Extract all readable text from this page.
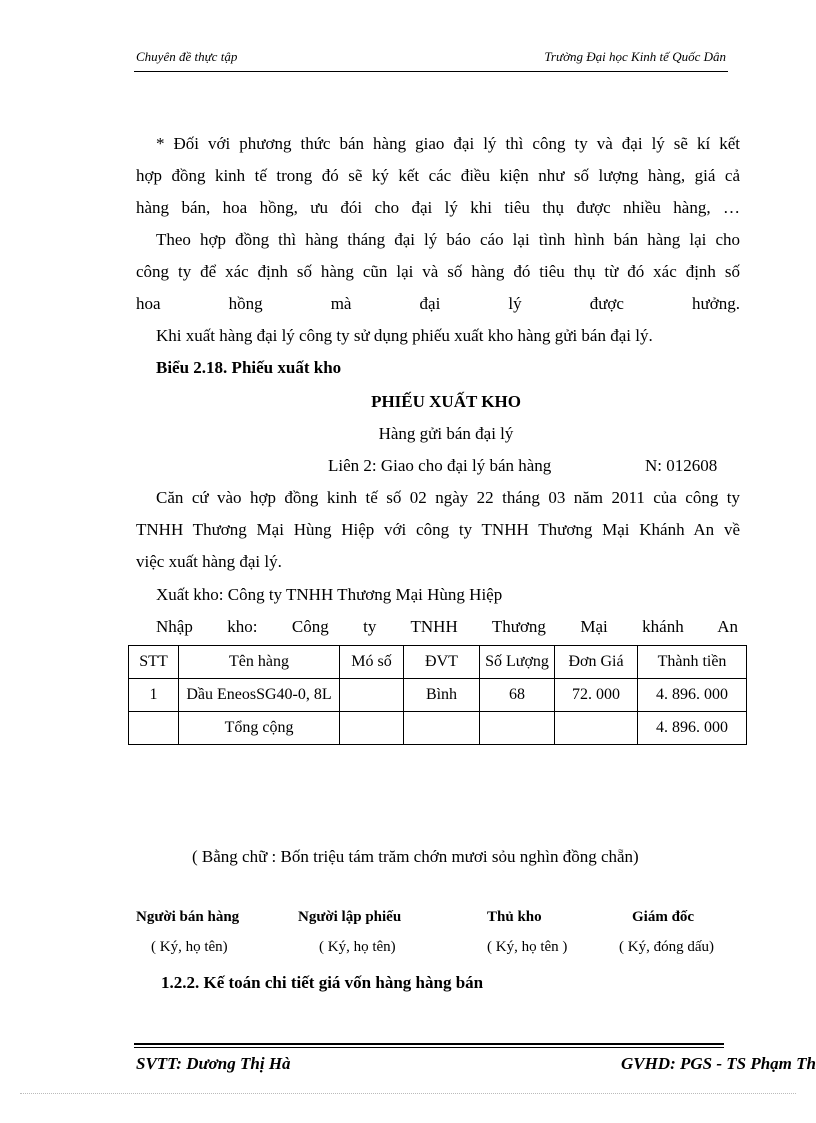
Chuyên đề thực tập	Trường Đại học Kinh tế Quốc Dân
* Đối với phương thức bán hàng giao đại lý thì công ty và đại lý sẽ kí kết
hợp đồng kinh tế trong đó sẽ ký kết các điều kiện như số lượng hàng, giá cả
hàng bán, hoa hồng, ưu đói cho đại lý khi tiêu thụ được nhiều hàng, …
Theo hợp đồng thì hàng tháng đại lý báo cáo lại tình hình bán hàng lại cho
công ty để xác định số hàng cũn lại và số hàng đó tiêu thụ từ đó xác định số
hoa hồng mà đại lý được hưởng.
Khi xuất hàng đại lý công ty sử dụng phiếu xuất kho hàng gửi bán đại lý.
Biểu 2.18. Phiếu xuất kho
PHIẾU XUẤT KHO
Hàng gửi bán đại lý
Liên 2: Giao cho đại lý bán hàng	N: 012608
Căn cứ vào hợp đồng kinh tế số 02 ngày 22 tháng 03 năm 2011 của công ty
TNHH Thương Mại Hùng Hiệp với công ty TNHH Thương Mại Khánh An về
việc xuất hàng đại lý.
Xuất kho: Công ty TNHH Thương Mại Hùng Hiệp
Nhập kho: Công ty TNHH Thương Mại khánh An
STT	Tên hàng	Mó số	ĐVT	Số Lượng	Đơn Giá	Thành tiền
1	Dầu EneosSG40-0, 8L		Bình	68	72. 000	4. 896. 000
	Tổng cộng					4. 896. 000
( Bằng chữ : Bốn triệu tám trăm chớn mươi sỏu nghìn đồng chẵn)
Người bán hàng
( Ký, họ tên)
Người lập phiếu
( Ký, họ tên)
Thủ kho
( Ký, họ tên )
Giám đốc
( Ký, đóng dấu)
1.2.2. Kế toán chi tiết giá vốn hàng hàng bán
SVTT: Dương Thị Hà	GVHD: PGS - TS Phạm Th
